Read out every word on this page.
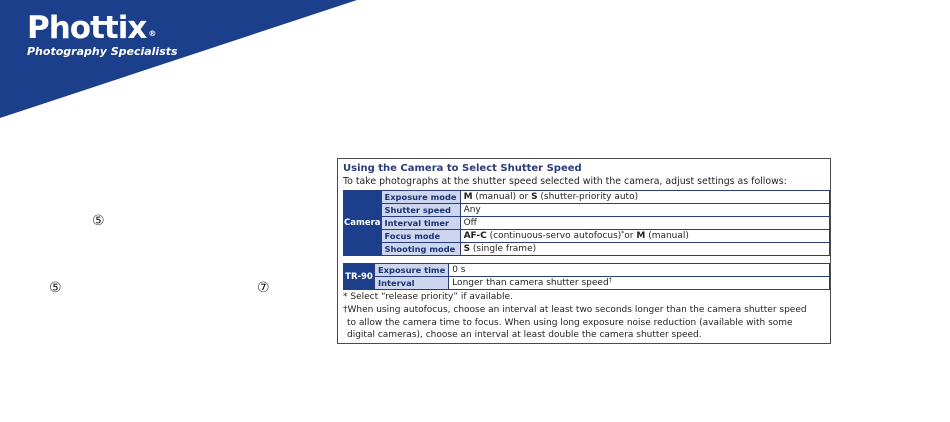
Phottix ®
Photography Specialists
⑤
⑤	⑦
Using the Camera to Select Shutter Speed
To take photographs at the shutter speed selected with the camera, adjust settings as follows:
Camera	Exposure mode	M (manual) or S (shutter-priority auto)
	Shutter speed	Any
	Interval timer	Off
	Focus mode	AF-C (continuous-servo autofocus)*or M (manual)
	Shooting mode	S (single frame)
TR-90	Exposure time	0 s
	Interval	Longer than camera shutter speed†
* Select “release priority” if available.
†When using autofocus, choose an interval at least two seconds longer than the camera shutter speed
to allow the camera time to focus. When using long exposure noise reduction (available with some
digital cameras), choose an interval at least double the camera shutter speed.
